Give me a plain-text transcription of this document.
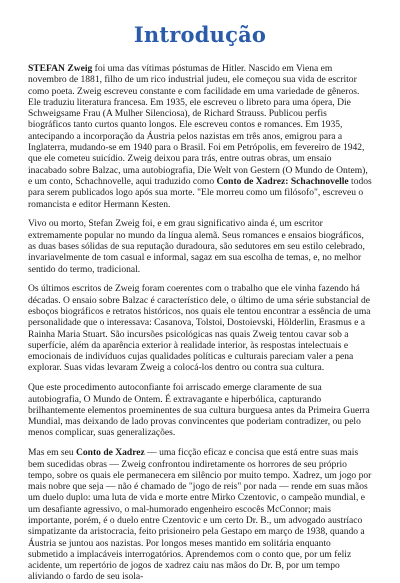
Introdução

STEFAN Zweig foi uma das vítimas póstumas de Hitler. Nascido em Viena em novembro de 1881, filho de um rico industrial judeu, ele começou sua vida de escritor como poeta. Zweig escreveu constante e com facilidade em uma variedade de gêneros. Ele traduziu literatura francesa. Em 1935, ele escreveu o libreto para uma ópera, Die Schweigsame Frau (A Mulher Silenciosa), de Richard Strauss. Publicou perfis biográficos tanto curtos quanto longos. Ele escreveu contos e romances. Em 1935, antecipando a incorporação da Áustria pelos nazistas em três anos, emigrou para a Inglaterra, mudando-se em 1940 para o Brasil. Foi em Petrópolis, em fevereiro de 1942, que ele cometeu suicídio. Zweig deixou para trás, entre outras obras, um ensaio inacabado sobre Balzac, uma autobiografia, Die Welt von Gestern (O Mundo de Ontem), e um conto, Schachnovelle, aqui traduzido como Conto de Xadrez: Schachnovelle todos para serem publicados logo após sua morte. "Ele morreu como um filósofo", escreveu o romancista e editor Hermann Kesten.

Vivo ou morto, Stefan Zweig foi, e em grau significativo ainda é, um escritor extremamente popular no mundo da língua alemã. Seus romances e ensaios biográficos, as duas bases sólidas de sua reputação duradoura, são sedutores em seu estilo celebrado, invariavelmente de tom casual e informal, sagaz em sua escolha de temas, e, no melhor sentido do termo, tradicional.

Os últimos escritos de Zweig foram coerentes com o trabalho que ele vinha fazendo há décadas. O ensaio sobre Balzac é característico dele, o último de uma série substancial de esboços biográficos e retratos históricos, nos quais ele tentou encontrar a essência de uma personalidade que o interessava: Casanova, Tolstoi, Dostoievski, Hölderlin, Erasmus e a Rainha Maria Stuart. São incursões psicológicas nas quais Zweig tentou cavar sob a superfície, além da aparência exterior à realidade interior, às respostas intelectuais e emocionais de indivíduos cujas qualidades políticas e culturais pareciam valer a pena explorar. Suas vidas levaram Zweig a colocá-los dentro ou contra sua cultura.

Que este procedimento autoconfiante foi arriscado emerge claramente de sua autobiografia, O Mundo de Ontem. É extravagante e hiperbólica, capturando brilhantemente elementos proeminentes de sua cultura burguesa antes da Primeira Guerra Mundial, mas deixando de lado provas convincentes que poderiam contradizer, ou pelo menos complicar, suas generalizações.

Mas em seu Conto de Xadrez — uma ficção eficaz e concisa que está entre suas mais bem sucedidas obras — Zweig confrontou indiretamente os horrores de seu próprio tempo, sobre os quais ele permanecera em silêncio por muito tempo. Xadrez, um jogo por mais nobre que seja — não é chamado de "jogo de reis" por nada — rende em suas mãos um duelo duplo: uma luta de vida e morte entre Mirko Czentovic, o campeão mundial, e um desafiante agressivo, o mal-humorado engenheiro escocês McConnor; mais importante, porém, é o duelo entre Czentovic e um certo Dr. B., um advogado austríaco simpatizante da aristocracia, feito prisioneiro pela Gestapo em março de 1938, quando a Áustria se juntou aos nazistas. Por longos meses mantido em solitária enquanto submetido a implacáveis interrogatórios. Aprendemos com o conto que, por um feliz acidente, um repertório de jogos de xadrez caiu nas mãos do Dr. B, por um tempo aliviando o fardo de seu isola-
